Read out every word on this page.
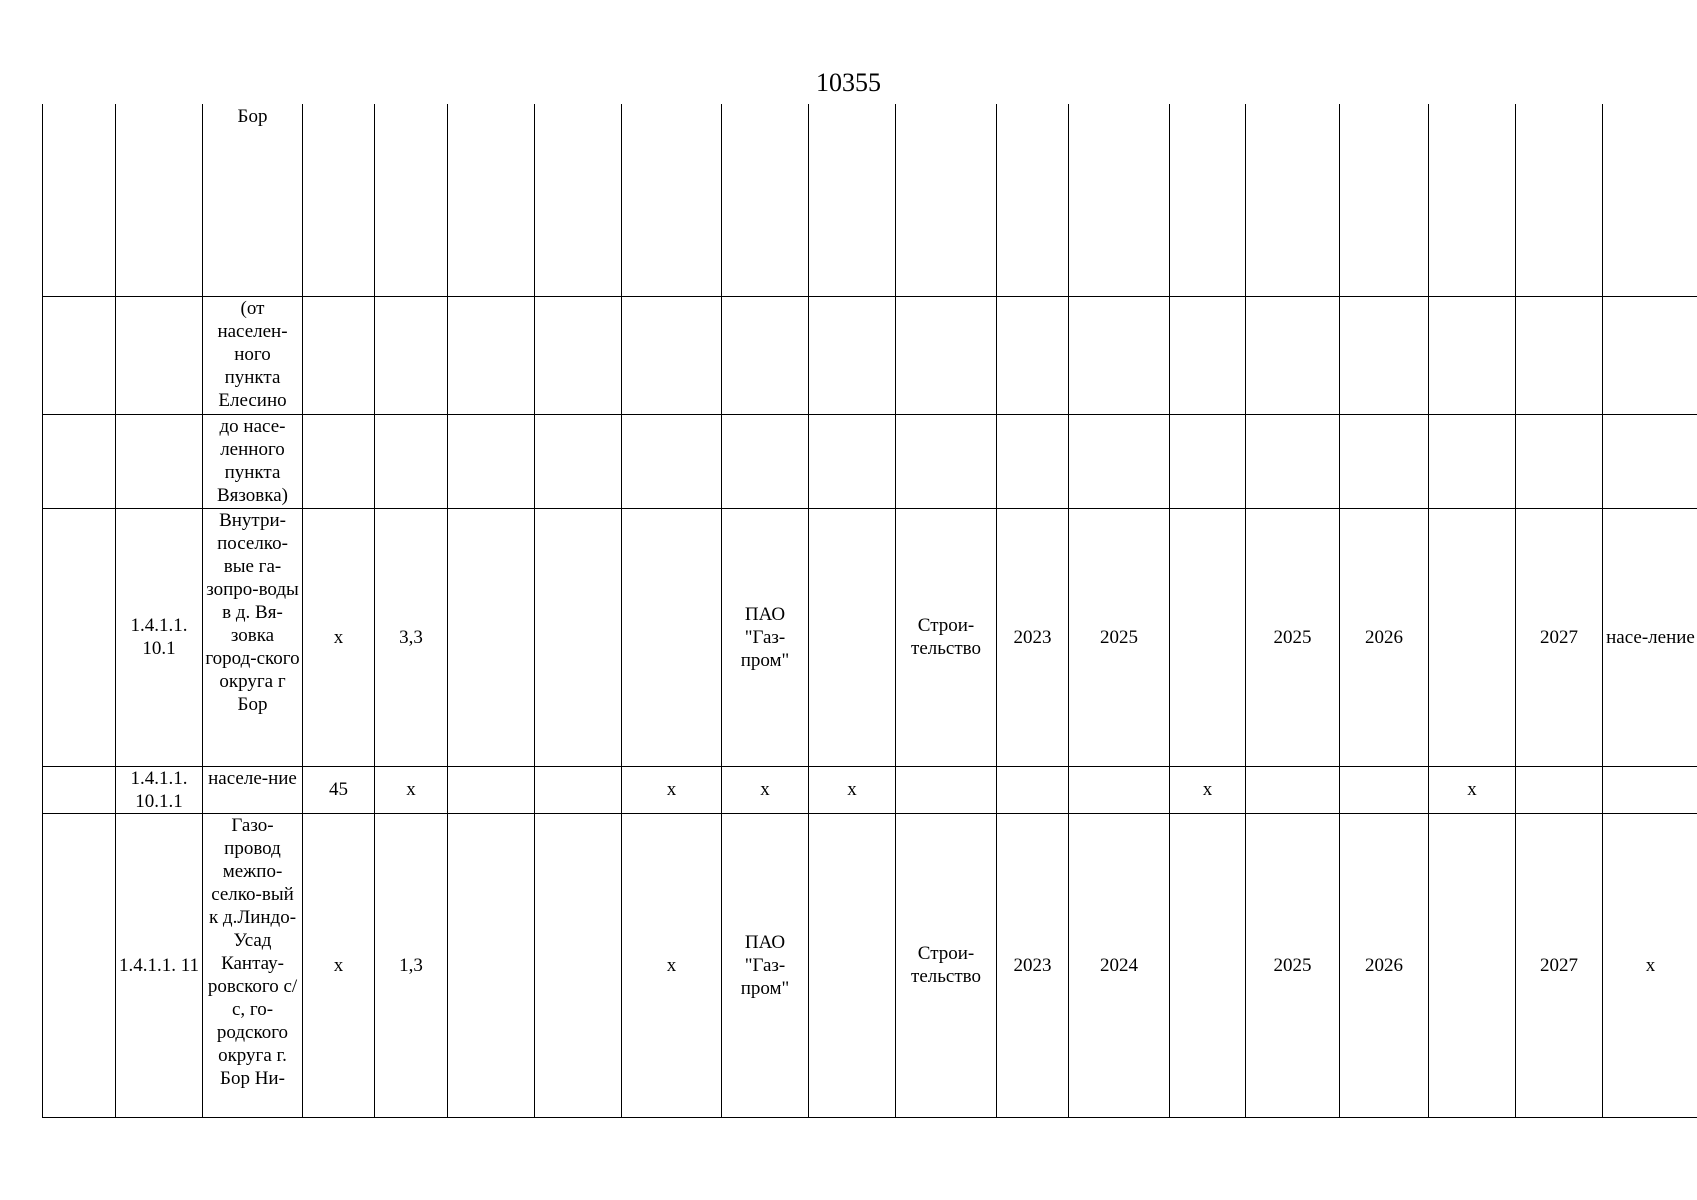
10355
		Бор																
		(от населен-ного пункта Елесино																
		до насе-ленного пункта Вязовка)																
	1.4.1.1. 10.1	Внутри-поселко-вые га-зопро-воды в д. Вя-зовка город-ского округа г Бор	х	3,3				ПАО "Газ-пром"		Строи-тельство	2023	2025		2025	2026		2027	насе-ление
	1.4.1.1. 10.1.1	населе-ние	45	х			х	х	х				х			х		
	1.4.1.1. 11	Газо-провод межпо-селко-вый к д.Линдо-Усад Кантау-ровского с/с, го-родского округа г. Бор Ни-	х	1,3			х	ПАО "Газ-пром"		Строи-тельство	2023	2024		2025	2026		2027	х
